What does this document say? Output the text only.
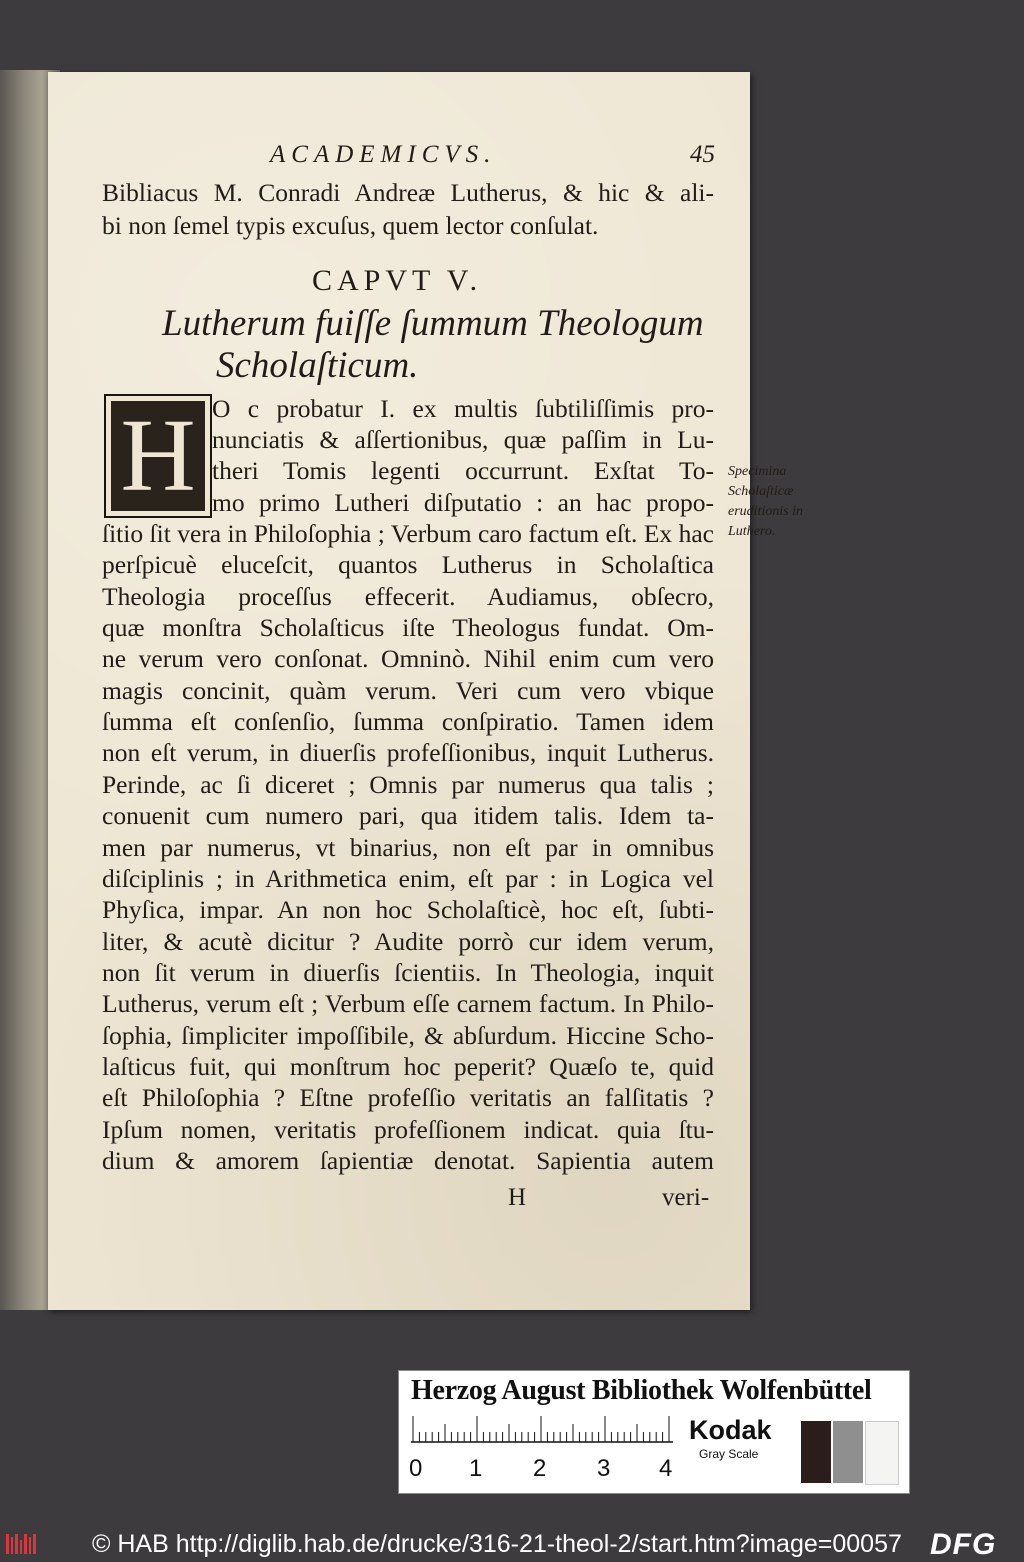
ACADEMICVS.	45
Bibliacus M. Conradi Andreæ Lutherus, & hic & ali-
bi non ſemel typis excuſus, quem lector conſulat.
CAPVT V.
Lutherum fuiſſe ſummum Theologum
Scholaſticum.
H O c probatur I. ex multis ſubtiliſſimis pro-
nunciatis & aſſertionibus, quæ paſſim in Lu-
theri Tomis legenti occurrunt. Exſtat To-
mo primo Lutheri diſputatio : an hac propo-
ſitio ſit vera in Philoſophia ; Verbum caro factum eſt. Ex hac
perſpicuè eluceſcit, quantos Lutherus in Scholaſtica
Theologia proceſſus effecerit. Audiamus, obſecro,
quæ monſtra Scholaſticus iſte Theologus fundat. Om-
ne verum vero conſonat. Omninò. Nihil enim cum vero
magis concinit, quàm verum. Veri cum vero vbique
ſumma eſt conſenſio, ſumma conſpiratio. Tamen idem
non eſt verum, in diuerſis profeſſionibus, inquit Lutherus.
Perinde, ac ſi diceret ; Omnis par numerus qua talis ;
conuenit cum numero pari, qua itidem talis. Idem ta-
men par numerus, vt binarius, non eſt par in omnibus
diſciplinis ; in Arithmetica enim, eſt par : in Logica vel
Phyſica, impar. An non hoc Scholaſticè, hoc eſt, ſubti-
liter, & acutè dicitur ? Audite porrò cur idem verum,
non ſit verum in diuerſis ſcientiis. In Theologia, inquit
Lutherus, verum eſt ; Verbum eſſe carnem factum. In Philo-
ſophia, ſimpliciter impoſſibile, & abſurdum. Hiccine Scho-
laſticus fuit, qui monſtrum hoc peperit? Quæſo te, quid
eſt Philoſophia ? Eſtne profeſſio veritatis an falſitatis ?
Ipſum nomen, veritatis profeſſionem indicat. quia ſtu-
dium & amorem ſapientiæ denotat. Sapientia autem
Specimina
Scholaſticæ
eruditionis in
Luthero.
H	veri-
Herzog August Bibliothek Wolfenbüttel
0 1 2 3 4
Kodak
Gray Scale
© HAB http://diglib.hab.de/drucke/316-21-theol-2/start.htm?image=00057 DFG
